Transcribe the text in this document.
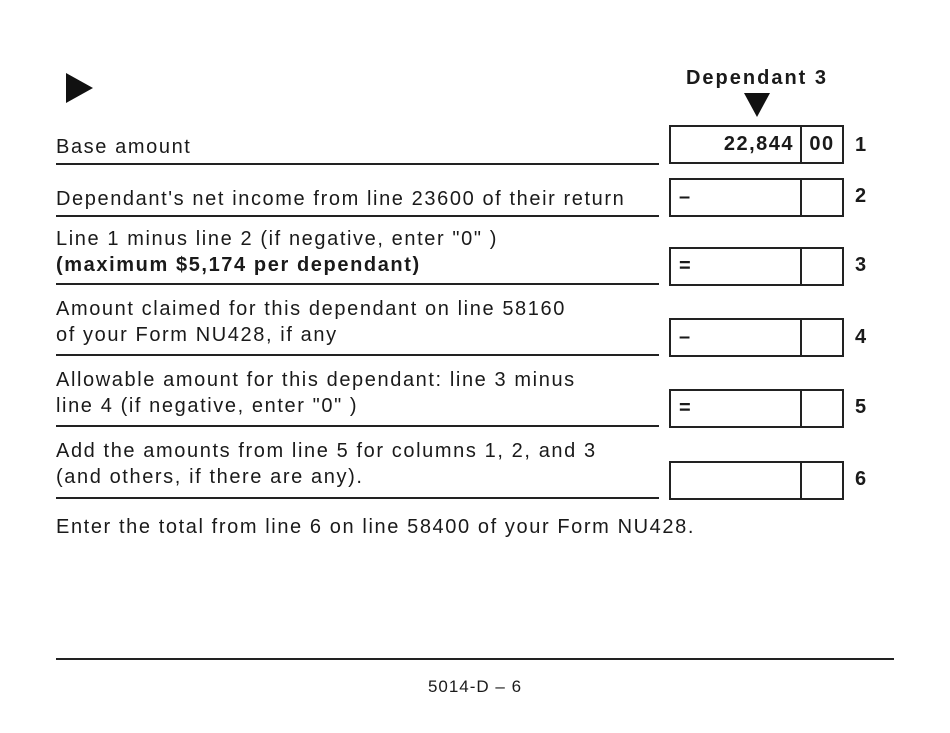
Dependant 3
Base amount	22,844 00	1
Dependant's net income from line 23600 of their return	–	2
Line 1 minus line 2 (if negative, enter "0" )
(maximum $5,174 per dependant)	=	3
Amount claimed for this dependant on line 58160
of your Form NU428, if any	–	4
Allowable amount for this dependant: line 3 minus
line 4 (if negative, enter "0" )	=	5
Add the amounts from line 5 for columns 1, 2, and 3
(and others, if there are any).	6
Enter the total from line 6 on line 58400 of your Form NU428.
5014-D – 6
